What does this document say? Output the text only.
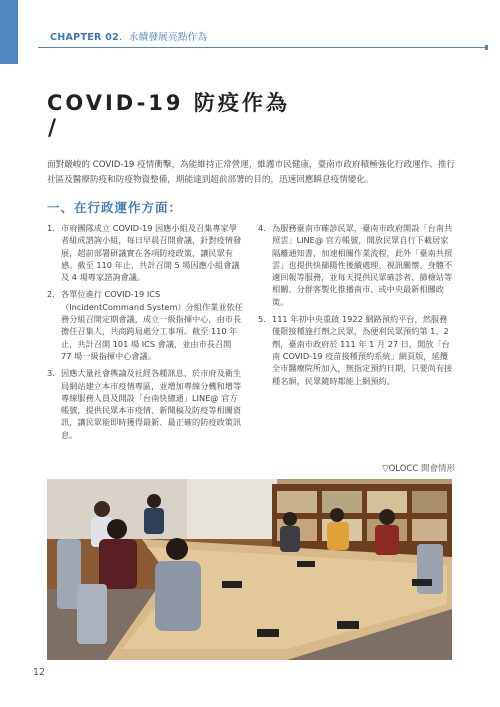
CHAPTER 02．永續發展亮點作為
COVID-19 防疫作為
/

面對嚴峻的 COVID-19 疫情衝擊，為能維持正常營運，維護市民健康，臺南市政府積極強化行政運作、推行社區及醫療防疫和防疫物資整備，期能達到超前部署的目的，迅速回應瞬息疫情變化。

一、在行政運作方面：
1. 市府團隊成立 COVID-19 因應小組及召集專家學者組成諮詢小組，每日早晨召開會議，針對疫情發展，超前部署研議實在各項防疫政策，讓民眾有感。截至 110 年止，共計召開 5 場因應小組會議及 4 場專家諮詢會議。
2. 各單位進行 COVID-19 ICS（IncidentCommand System）分組作業並依任務分組召開定期會議，成立一級指揮中心，由市長擔任召集人，共商跨局處分工事項。截至 110 年止，共計召開 101 場 ICS 會議，並由市長召開 77 場一級指揮中心會議。
3. 因應大量社會輿論及社經各種訊息，於市府及衛生局網站建立本市疫情專區，並增加專線分機和增等專線服務人員及開設「台南快總通」LINE@ 官方帳號，提供民眾本市疫情、新聞稿及防疫等相關資訊，讓民眾能即時獲得最新、最正確的防疫政策訊息。
4. 為服務臺南市確診民眾，臺南市政府開設「台南共照雲」LINE@ 官方帳號，開放民眾自行下載居家隔離通知書，加速相關作業流程，此外「臺南共照雲」也提供快篩陽性後續處理、視訊關懷、身體不適回報等服務，並每天提供民眾確診者、篩檢站等相關、分群客製化推播南市、或中央最新相關政策。
5. 111 年初中央重啟 1922 網路預約平台，然服務僅限接種施打劑之民眾，為便利民眾預約第 1、2 劑，臺南市政府於 111 年 1 月 27 日，開放「台南 COVID-19 疫苗接種預約系統」網頁版，延攬全市醫療院所加入，無指定預約日期，只要尚有接種名額，民眾隨時都能上網預約。
▽OLOCC 開會情形
12
